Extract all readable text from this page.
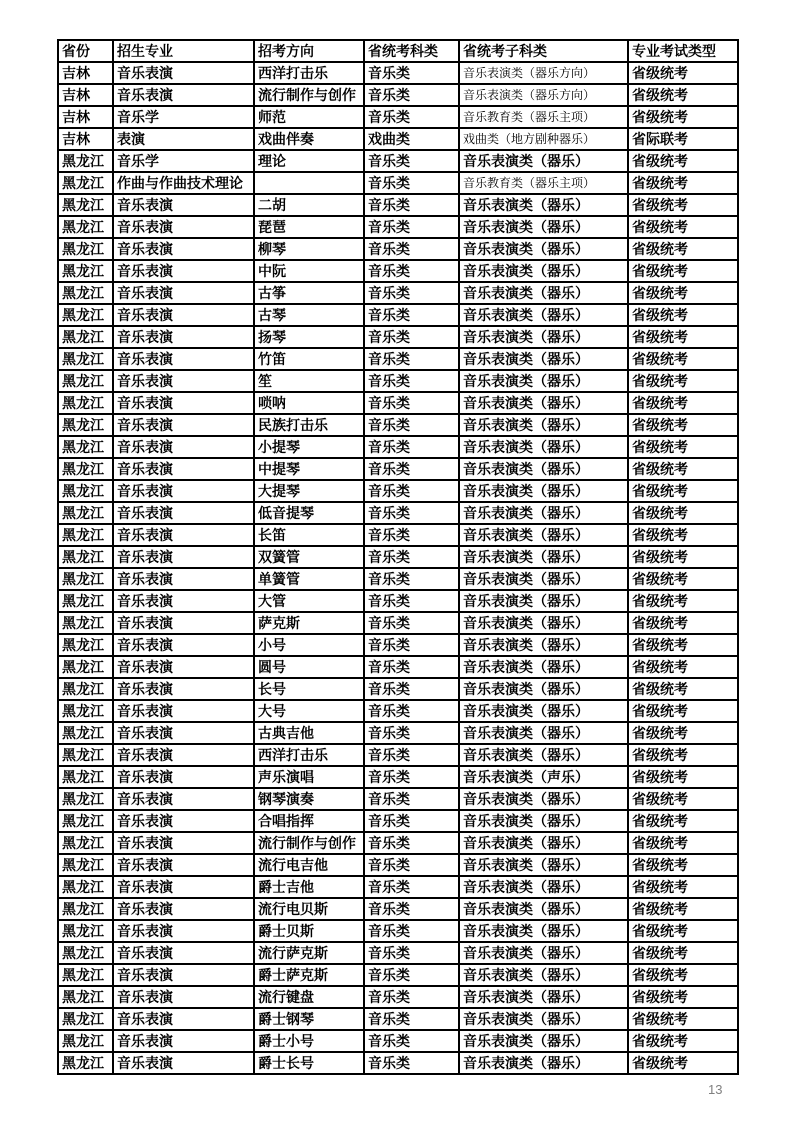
省份	招生专业	招考方向	省统考科类	省统考子科类	专业考试类型
吉林	音乐表演	西洋打击乐	音乐类	音乐表演类（器乐方向）	省级统考
吉林	音乐表演	流行制作与创作	音乐类	音乐表演类（器乐方向）	省级统考
吉林	音乐学	师范	音乐类	音乐教育类（器乐主项）	省级统考
吉林	表演	戏曲伴奏	戏曲类	戏曲类（地方剧种器乐）	省际联考
黑龙江	音乐学	理论	音乐类	音乐表演类（器乐）	省级统考
黑龙江	作曲与作曲技术理论		音乐类	音乐教育类（器乐主项）	省级统考
黑龙江	音乐表演	二胡	音乐类	音乐表演类（器乐）	省级统考
黑龙江	音乐表演	琵琶	音乐类	音乐表演类（器乐）	省级统考
黑龙江	音乐表演	柳琴	音乐类	音乐表演类（器乐）	省级统考
黑龙江	音乐表演	中阮	音乐类	音乐表演类（器乐）	省级统考
黑龙江	音乐表演	古筝	音乐类	音乐表演类（器乐）	省级统考
黑龙江	音乐表演	古琴	音乐类	音乐表演类（器乐）	省级统考
黑龙江	音乐表演	扬琴	音乐类	音乐表演类（器乐）	省级统考
黑龙江	音乐表演	竹笛	音乐类	音乐表演类（器乐）	省级统考
黑龙江	音乐表演	笙	音乐类	音乐表演类（器乐）	省级统考
黑龙江	音乐表演	唢呐	音乐类	音乐表演类（器乐）	省级统考
黑龙江	音乐表演	民族打击乐	音乐类	音乐表演类（器乐）	省级统考
黑龙江	音乐表演	小提琴	音乐类	音乐表演类（器乐）	省级统考
黑龙江	音乐表演	中提琴	音乐类	音乐表演类（器乐）	省级统考
黑龙江	音乐表演	大提琴	音乐类	音乐表演类（器乐）	省级统考
黑龙江	音乐表演	低音提琴	音乐类	音乐表演类（器乐）	省级统考
黑龙江	音乐表演	长笛	音乐类	音乐表演类（器乐）	省级统考
黑龙江	音乐表演	双簧管	音乐类	音乐表演类（器乐）	省级统考
黑龙江	音乐表演	单簧管	音乐类	音乐表演类（器乐）	省级统考
黑龙江	音乐表演	大管	音乐类	音乐表演类（器乐）	省级统考
黑龙江	音乐表演	萨克斯	音乐类	音乐表演类（器乐）	省级统考
黑龙江	音乐表演	小号	音乐类	音乐表演类（器乐）	省级统考
黑龙江	音乐表演	圆号	音乐类	音乐表演类（器乐）	省级统考
黑龙江	音乐表演	长号	音乐类	音乐表演类（器乐）	省级统考
黑龙江	音乐表演	大号	音乐类	音乐表演类（器乐）	省级统考
黑龙江	音乐表演	古典吉他	音乐类	音乐表演类（器乐）	省级统考
黑龙江	音乐表演	西洋打击乐	音乐类	音乐表演类（器乐）	省级统考
黑龙江	音乐表演	声乐演唱	音乐类	音乐表演类（声乐）	省级统考
黑龙江	音乐表演	钢琴演奏	音乐类	音乐表演类（器乐）	省级统考
黑龙江	音乐表演	合唱指挥	音乐类	音乐表演类（器乐）	省级统考
黑龙江	音乐表演	流行制作与创作	音乐类	音乐表演类（器乐）	省级统考
黑龙江	音乐表演	流行电吉他	音乐类	音乐表演类（器乐）	省级统考
黑龙江	音乐表演	爵士吉他	音乐类	音乐表演类（器乐）	省级统考
黑龙江	音乐表演	流行电贝斯	音乐类	音乐表演类（器乐）	省级统考
黑龙江	音乐表演	爵士贝斯	音乐类	音乐表演类（器乐）	省级统考
黑龙江	音乐表演	流行萨克斯	音乐类	音乐表演类（器乐）	省级统考
黑龙江	音乐表演	爵士萨克斯	音乐类	音乐表演类（器乐）	省级统考
黑龙江	音乐表演	流行键盘	音乐类	音乐表演类（器乐）	省级统考
黑龙江	音乐表演	爵士钢琴	音乐类	音乐表演类（器乐）	省级统考
黑龙江	音乐表演	爵士小号	音乐类	音乐表演类（器乐）	省级统考
黑龙江	音乐表演	爵士长号	音乐类	音乐表演类（器乐）	省级统考
13
